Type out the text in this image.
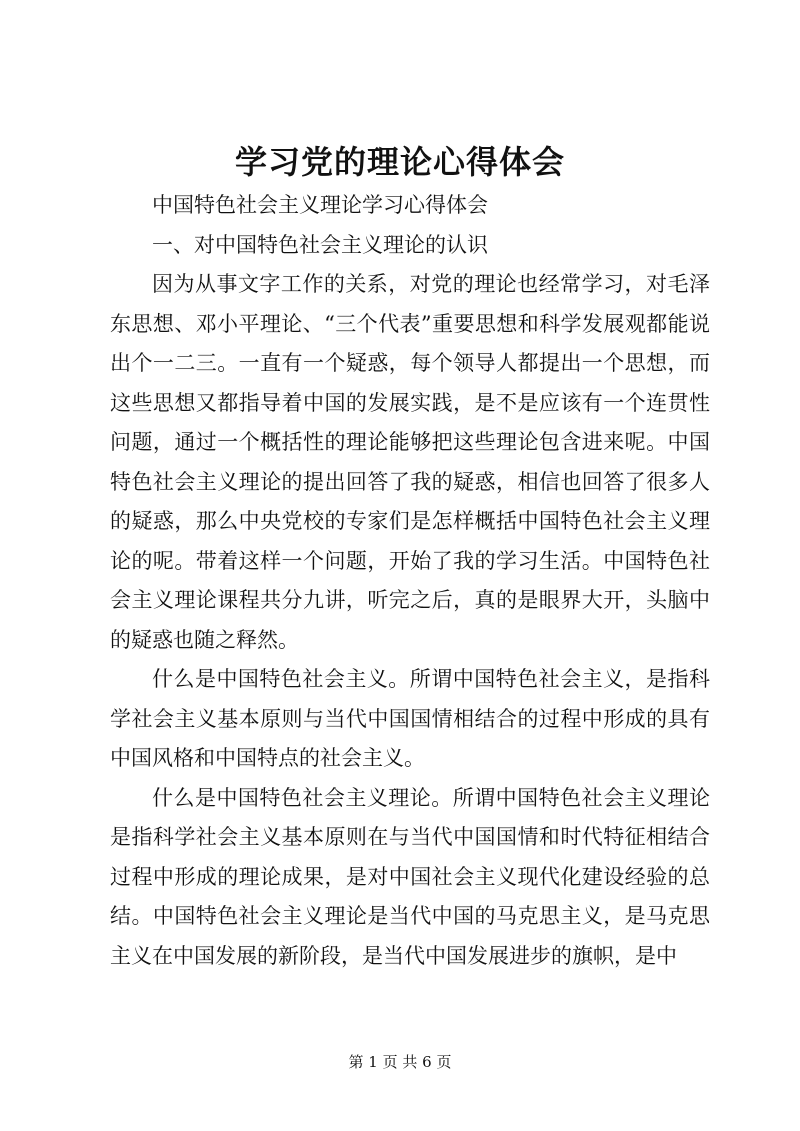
学习党的理论心得体会

中国特色社会主义理论学习心得体会

一、对中国特色社会主义理论的认识

因为从事文字工作的关系，对党的理论也经常学习，对毛泽东思想、邓小平理论、“三个代表”重要思想和科学发展观都能说出个一二三。一直有一个疑惑，每个领导人都提出一个思想，而这些思想又都指导着中国的发展实践，是不是应该有一个连贯性问题，通过一个概括性的理论能够把这些理论包含进来呢。中国特色社会主义理论的提出回答了我的疑惑，相信也回答了很多人的疑惑，那么中央党校的专家们是怎样概括中国特色社会主义理论的呢。带着这样一个问题，开始了我的学习生活。中国特色社会主义理论课程共分九讲，听完之后，真的是眼界大开，头脑中的疑惑也随之释然。

什么是中国特色社会主义。所谓中国特色社会主义，是指科学社会主义基本原则与当代中国国情相结合的过程中形成的具有中国风格和中国特点的社会主义。

什么是中国特色社会主义理论。所谓中国特色社会主义理论是指科学社会主义基本原则在与当代中国国情和时代特征相结合过程中形成的理论成果，是对中国社会主义现代化建设经验的总结。中国特色社会主义理论是当代中国的马克思主义，是马克思主义在中国发展的新阶段，是当代中国发展进步的旗帜，是中

第 1 页 共 6 页
